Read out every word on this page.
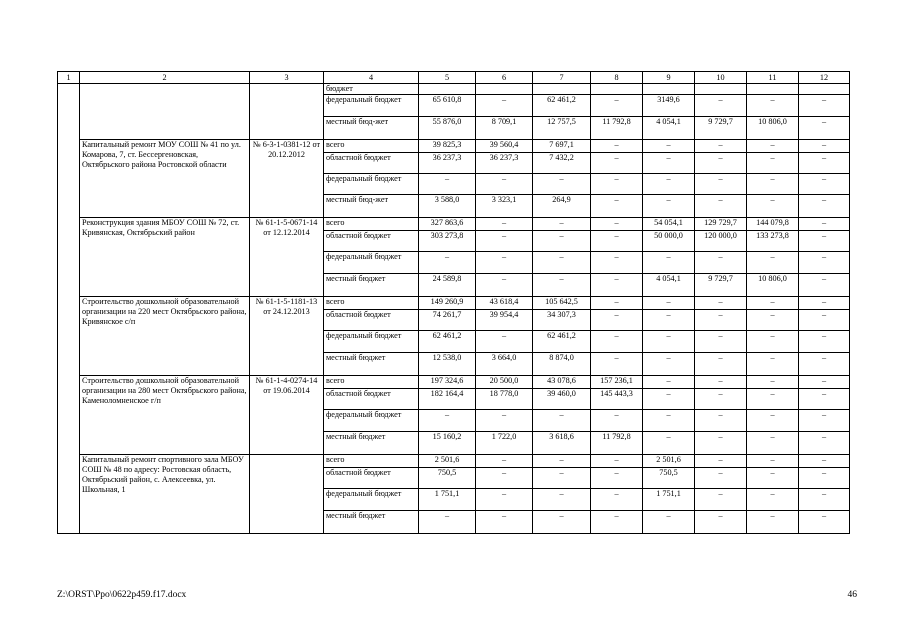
1	2	3	4	5	6	7	8	9	10	11	12
			бюджет								
			федеральный бюджет	65 610,8	–	62 461,2	–	3149,6	–	–	–
			местный бюд-жет	55 876,0	8 709,1	12 757,5	11 792,8	4 054,1	9 729,7	10 806,0	–
	Капитальный ремонт МОУ СОШ № 41 по ул. Комарова, 7, ст. Бессергеновская, Октябрьского района Ростовской области	№ 6-3-1-0381-12 от 20.12.2012	всего	39 825,3	39 560,4	7 697,1	–	–	–	–	–
			областной бюджет	36 237,3	36 237,3	7 432,2	–	–	–	–	–
			федеральный бюджет	–	–	–	–	–	–	–	–
			местный бюд-жет	3 588,0	3 323,1	264,9	–	–	–	–	–
	Реконструкция здания МБОУ СОШ № 72, ст. Кривянская, Октябрьский район	№ 61-1-5-0671-14 от 12.12.2014	всего	327 863,6	–	–	–	54 054,1	129 729,7	144 079,8	–
			областной бюджет	303 273,8	–	–	–	50 000,0	120 000,0	133 273,8	–
			федеральный бюджет	–	–	–	–	–	–	–	–
			местный бюджет	24 589,8	–	–	–	4 054,1	9 729,7	10 806,0	–
	Строительство дошкольной образовательной организации на 220 мест Октябрьского района, Кривянское с/п	№ 61-1-5-1181-13 от 24.12.2013	всего	149 260,9	43 618,4	105 642,5	–	–	–	–	–
			областной бюджет	74 261,7	39 954,4	34 307,3	–	–	–	–	–
			федеральный бюджет	62 461,2	–	62 461,2	–	–	–	–	–
			местный бюджет	12 538,0	3 664,0	8 874,0	–	–	–	–	–
	Строительство дошкольной образовательной организации на 280 мест Октябрьского района, Каменоломненское г/п	№ 61-1-4-0274-14 от 19.06.2014	всего	197 324,6	20 500,0	43 078,6	157 236,1	–	–	–	–
			областной бюджет	182 164,4	18 778,0	39 460,0	145 443,3	–	–	–	–
			федеральный бюджет	–	–	–	–	–	–	–	–
			местный бюджет	15 160,2	1 722,0	3 618,6	11 792,8	–	–	–	–
	Капитальный ремонт спортивного зала МБОУ СОШ № 48 по адресу: Ростовская область, Октябрьский район, с. Алексеевка, ул. Школьная, 1		всего	2 501,6	–	–	–	2 501,6	–	–	–
			областной бюджет	750,5	–	–	–	750,5	–	–	–
			федеральный бюджет	1 751,1	–	–	–	1 751,1	–	–	–
			местный бюджет	–	–	–	–	–	–	–	–
Z:\ORST\Ppo\0622p459.f17.docx	46
